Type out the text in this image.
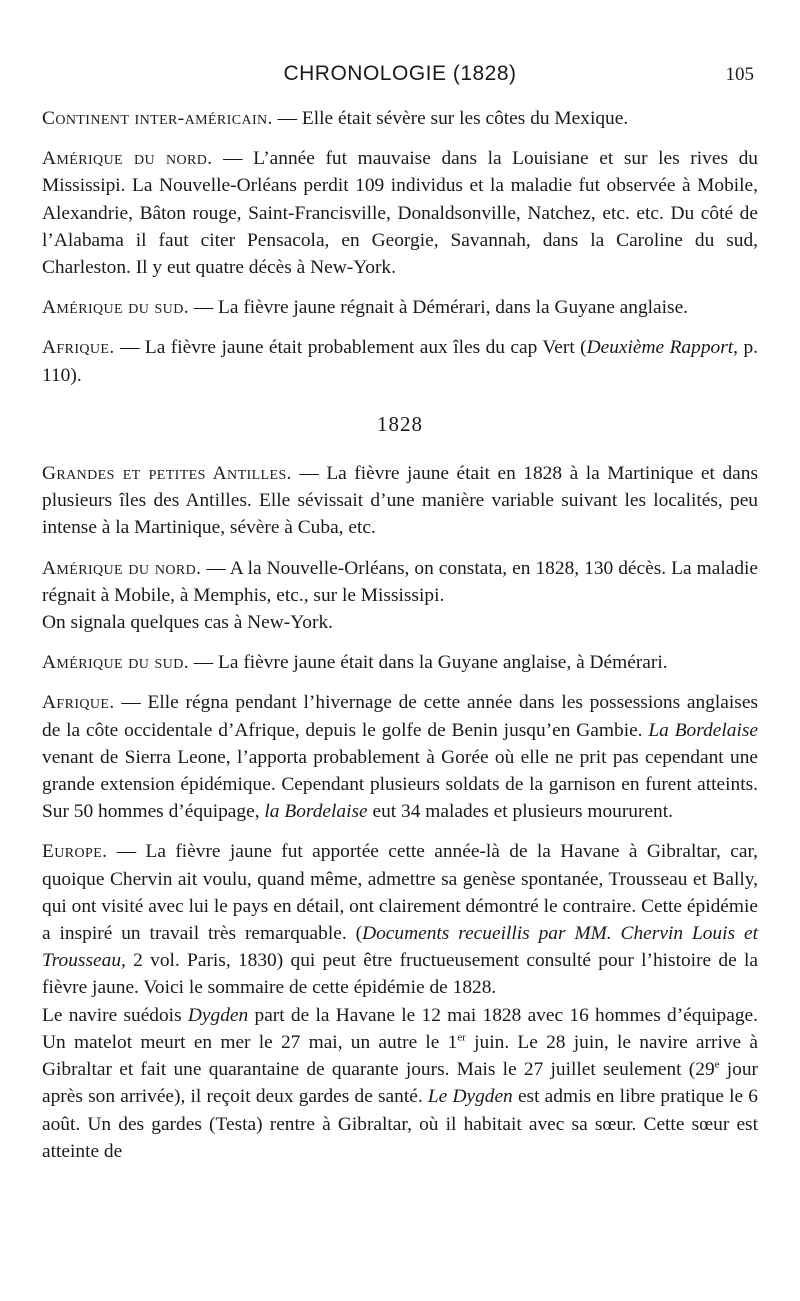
CHRONOLOGIE (1828)	105

Continent inter-américain. — Elle était sévère sur les côtes du Mexique.

Amérique du nord. — L’année fut mauvaise dans la Louisiane et sur les rives du Mississipi. La Nouvelle-Orléans perdit 109 individus et la maladie fut observée à Mobile, Alexandrie, Bâton rouge, Saint-Francisville, Donaldsonville, Natchez, etc. etc. Du côté de l’Alabama il faut citer Pensacola, en Georgie, Savannah, dans la Caroline du sud, Charleston. Il y eut quatre décès à New-York.

Amérique du sud. — La fièvre jaune régnait à Démérari, dans la Guyane anglaise.

Afrique. — La fièvre jaune était probablement aux îles du cap Vert (Deuxième Rapport, p. 110).

1828

Grandes et petites Antilles. — La fièvre jaune était en 1828 à la Martinique et dans plusieurs îles des Antilles. Elle sévissait d’une manière variable suivant les localités, peu intense à la Martinique, sévère à Cuba, etc.

Amérique du nord. — A la Nouvelle-Orléans, on constata, en 1828, 130 décès. La maladie régnait à Mobile, à Memphis, etc., sur le Mississipi.

On signala quelques cas à New-York.

Amérique du sud. — La fièvre jaune était dans la Guyane anglaise, à Démérari.

Afrique. — Elle régna pendant l’hivernage de cette année dans les possessions anglaises de la côte occidentale d’Afrique, depuis le golfe de Benin jusqu’en Gambie. La Bordelaise venant de Sierra Leone, l’apporta probablement à Gorée où elle ne prit pas cependant une grande extension épidémique. Cependant plusieurs soldats de la garnison en furent atteints. Sur 50 hommes d’équipage, la Bordelaise eut 34 malades et plusieurs moururent.

Europe. — La fièvre jaune fut apportée cette année-là de la Havane à Gibraltar, car, quoique Chervin ait voulu, quand même, admettre sa genèse spontanée, Trousseau et Bally, qui ont visité avec lui le pays en détail, ont clairement démontré le contraire. Cette épidémie a inspiré un travail très remarquable. (Documents recueillis par MM. Chervin Louis et Trousseau, 2 vol. Paris, 1830) qui peut être fructueusement consulté pour l’histoire de la fièvre jaune. Voici le sommaire de cette épidémie de 1828.

Le navire suédois Dygden part de la Havane le 12 mai 1828 avec 16 hommes d’équipage. Un matelot meurt en mer le 27 mai, un autre le 1er juin. Le 28 juin, le navire arrive à Gibraltar et fait une quarantaine de quarante jours. Mais le 27 juillet seulement (29e jour après son arrivée), il reçoit deux gardes de santé. Le Dygden est admis en libre pratique le 6 août. Un des gardes (Testa) rentre à Gibraltar, où il habitait avec sa sœur. Cette sœur est atteinte de
